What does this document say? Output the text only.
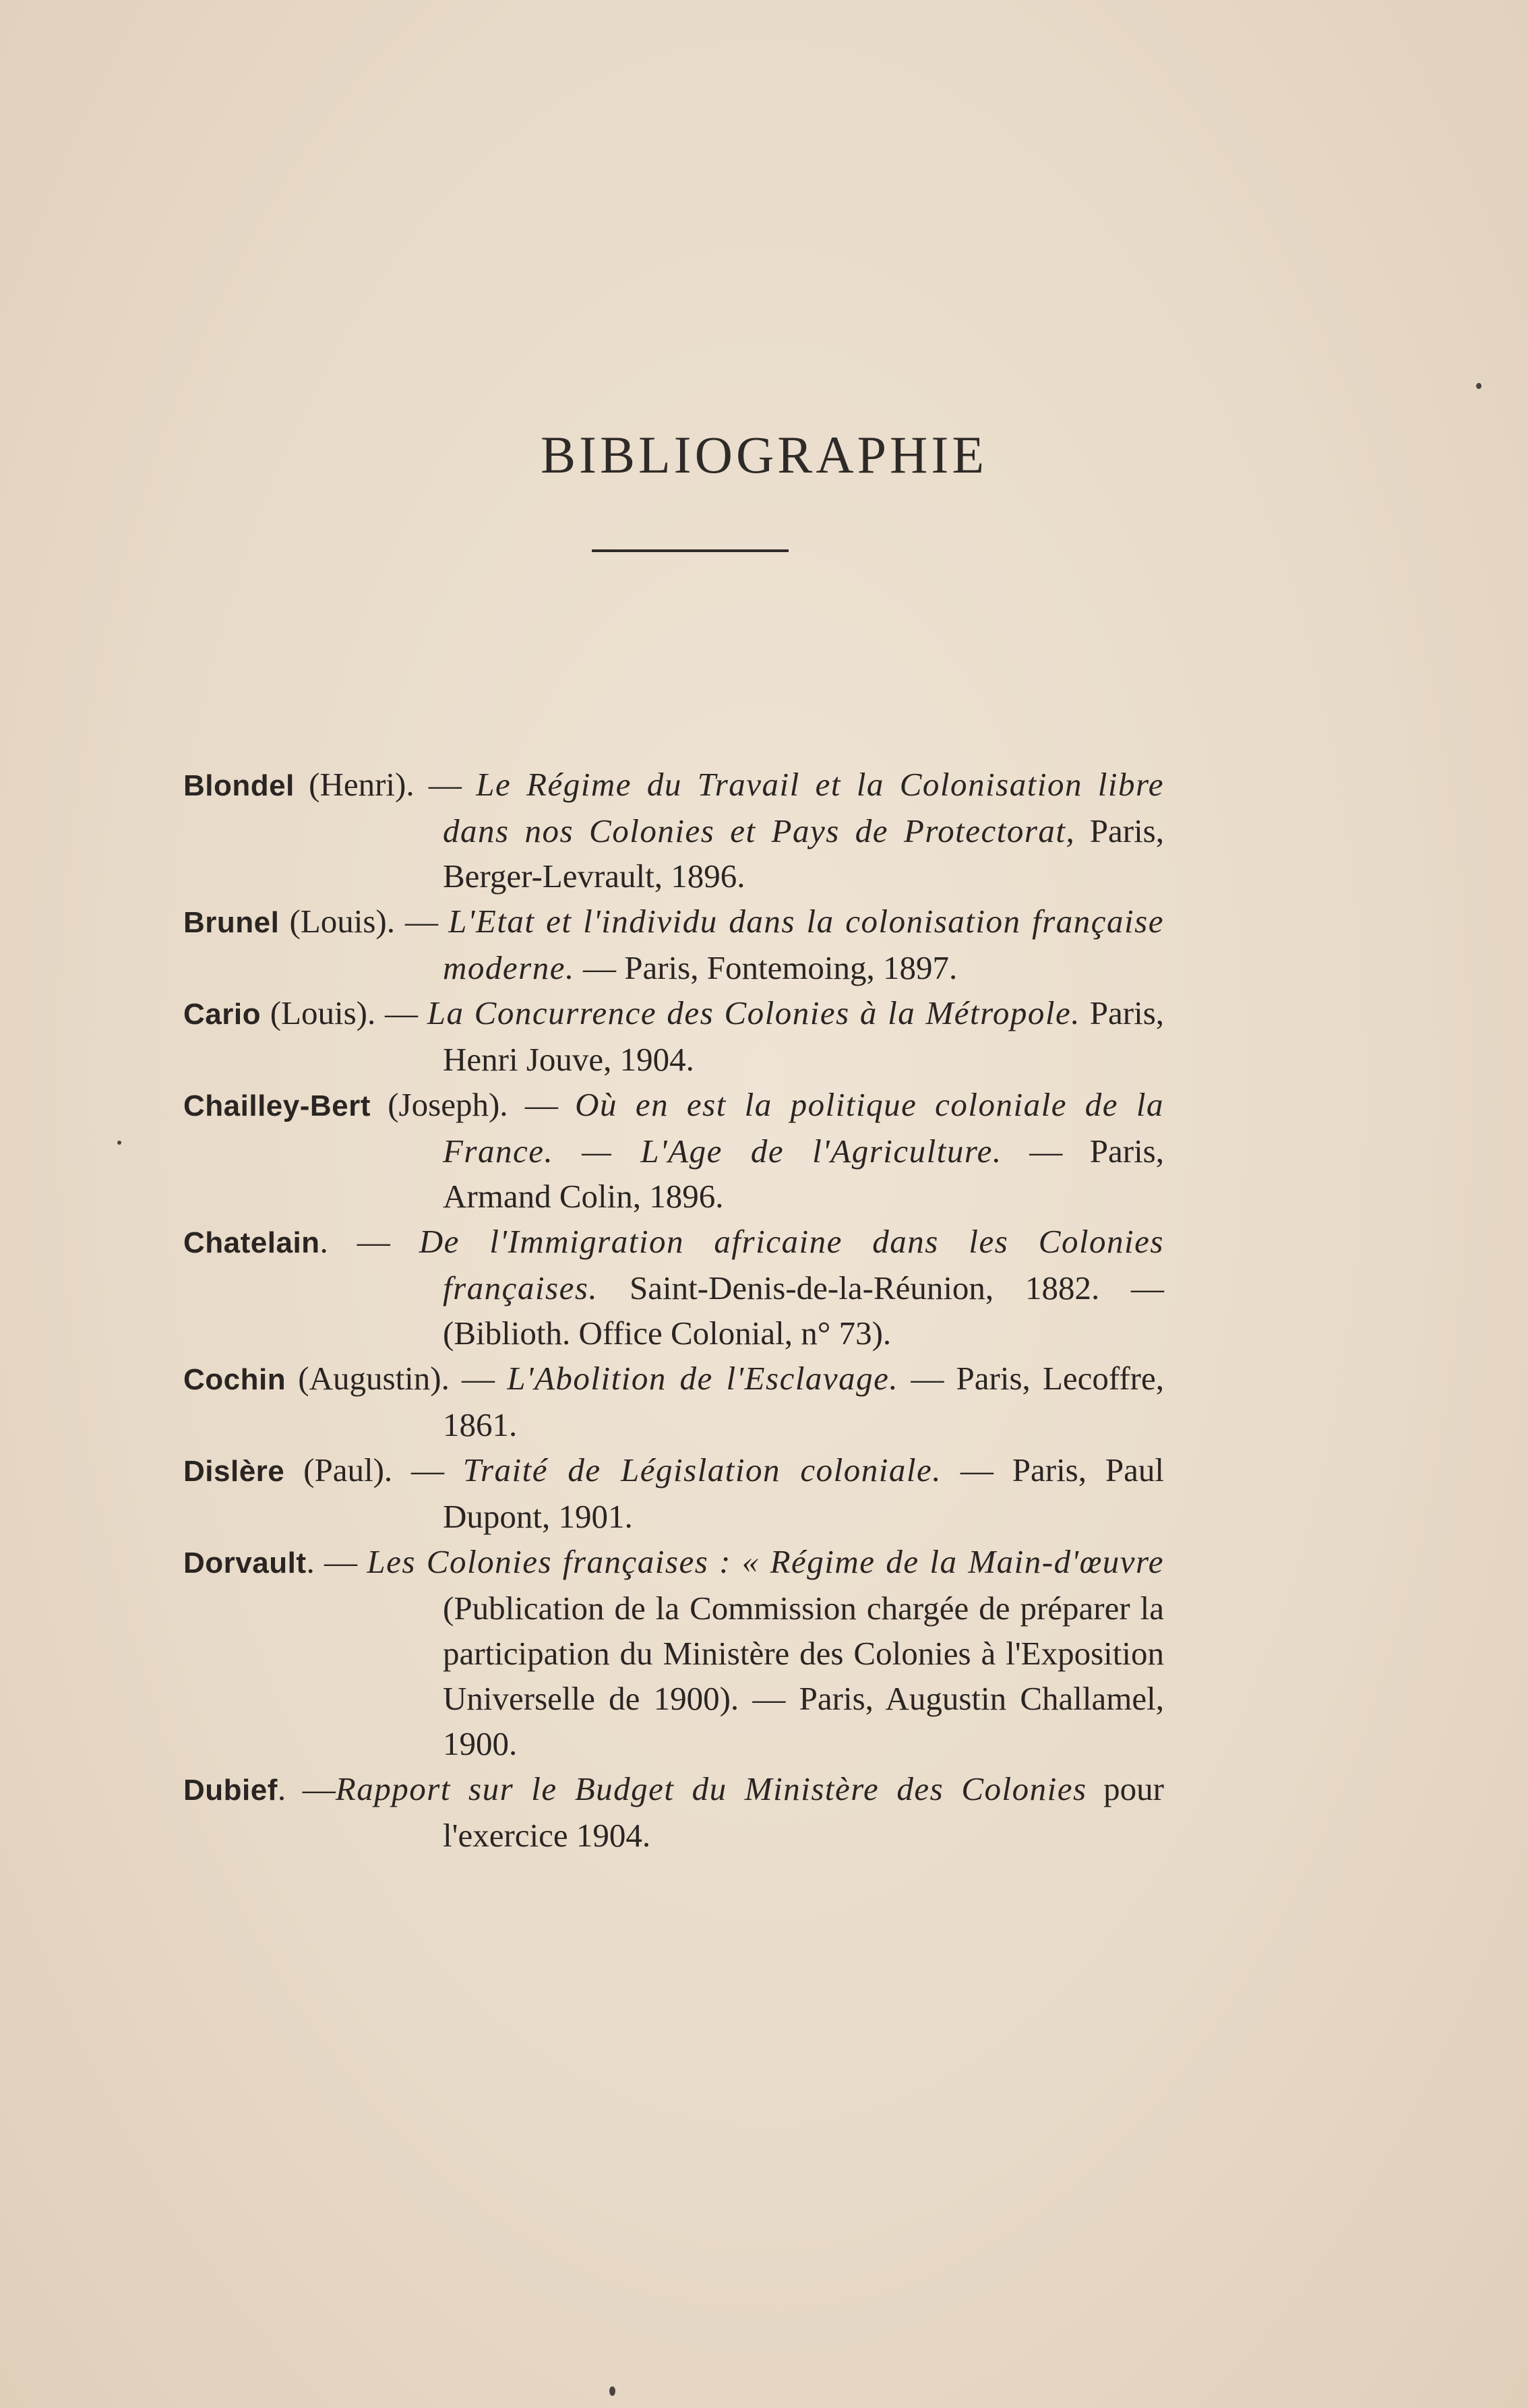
BIBLIOGRAPHIE
Blondel (Henri). — Le Régime du Travail et la Colonisation libre dans nos Colonies et Pays de Protectorat, Paris, Berger-Levrault, 1896.
Brunel (Louis). — L'Etat et l'individu dans la colonisation française moderne. — Paris, Fontemoing, 1897.
Cario (Louis). — La Concurrence des Colonies à la Métropole. Paris, Henri Jouve, 1904.
Chailley-Bert (Joseph). — Où en est la politique coloniale de la France. — L'Age de l'Agriculture. — Paris, Armand Colin, 1896.
Chatelain. — De l'Immigration africaine dans les Colonies françaises. Saint-Denis-de-la-Réunion, 1882. — (Biblioth. Office Colonial, n° 73).
Cochin (Augustin). — L'Abolition de l'Esclavage. — Paris, Lecoffre, 1861.
Dislère (Paul). — Traité de Législation coloniale. — Paris, Paul Dupont, 1901.
Dorvault. — Les Colonies françaises : « Régime de la Main-d'œuvre (Publication de la Commission chargée de préparer la participation du Ministère des Colonies à l'Exposition Universelle de 1900). — Paris, Augustin Challamel, 1900.
Dubief. —Rapport sur le Budget du Ministère des Colonies pour l'exercice 1904.
